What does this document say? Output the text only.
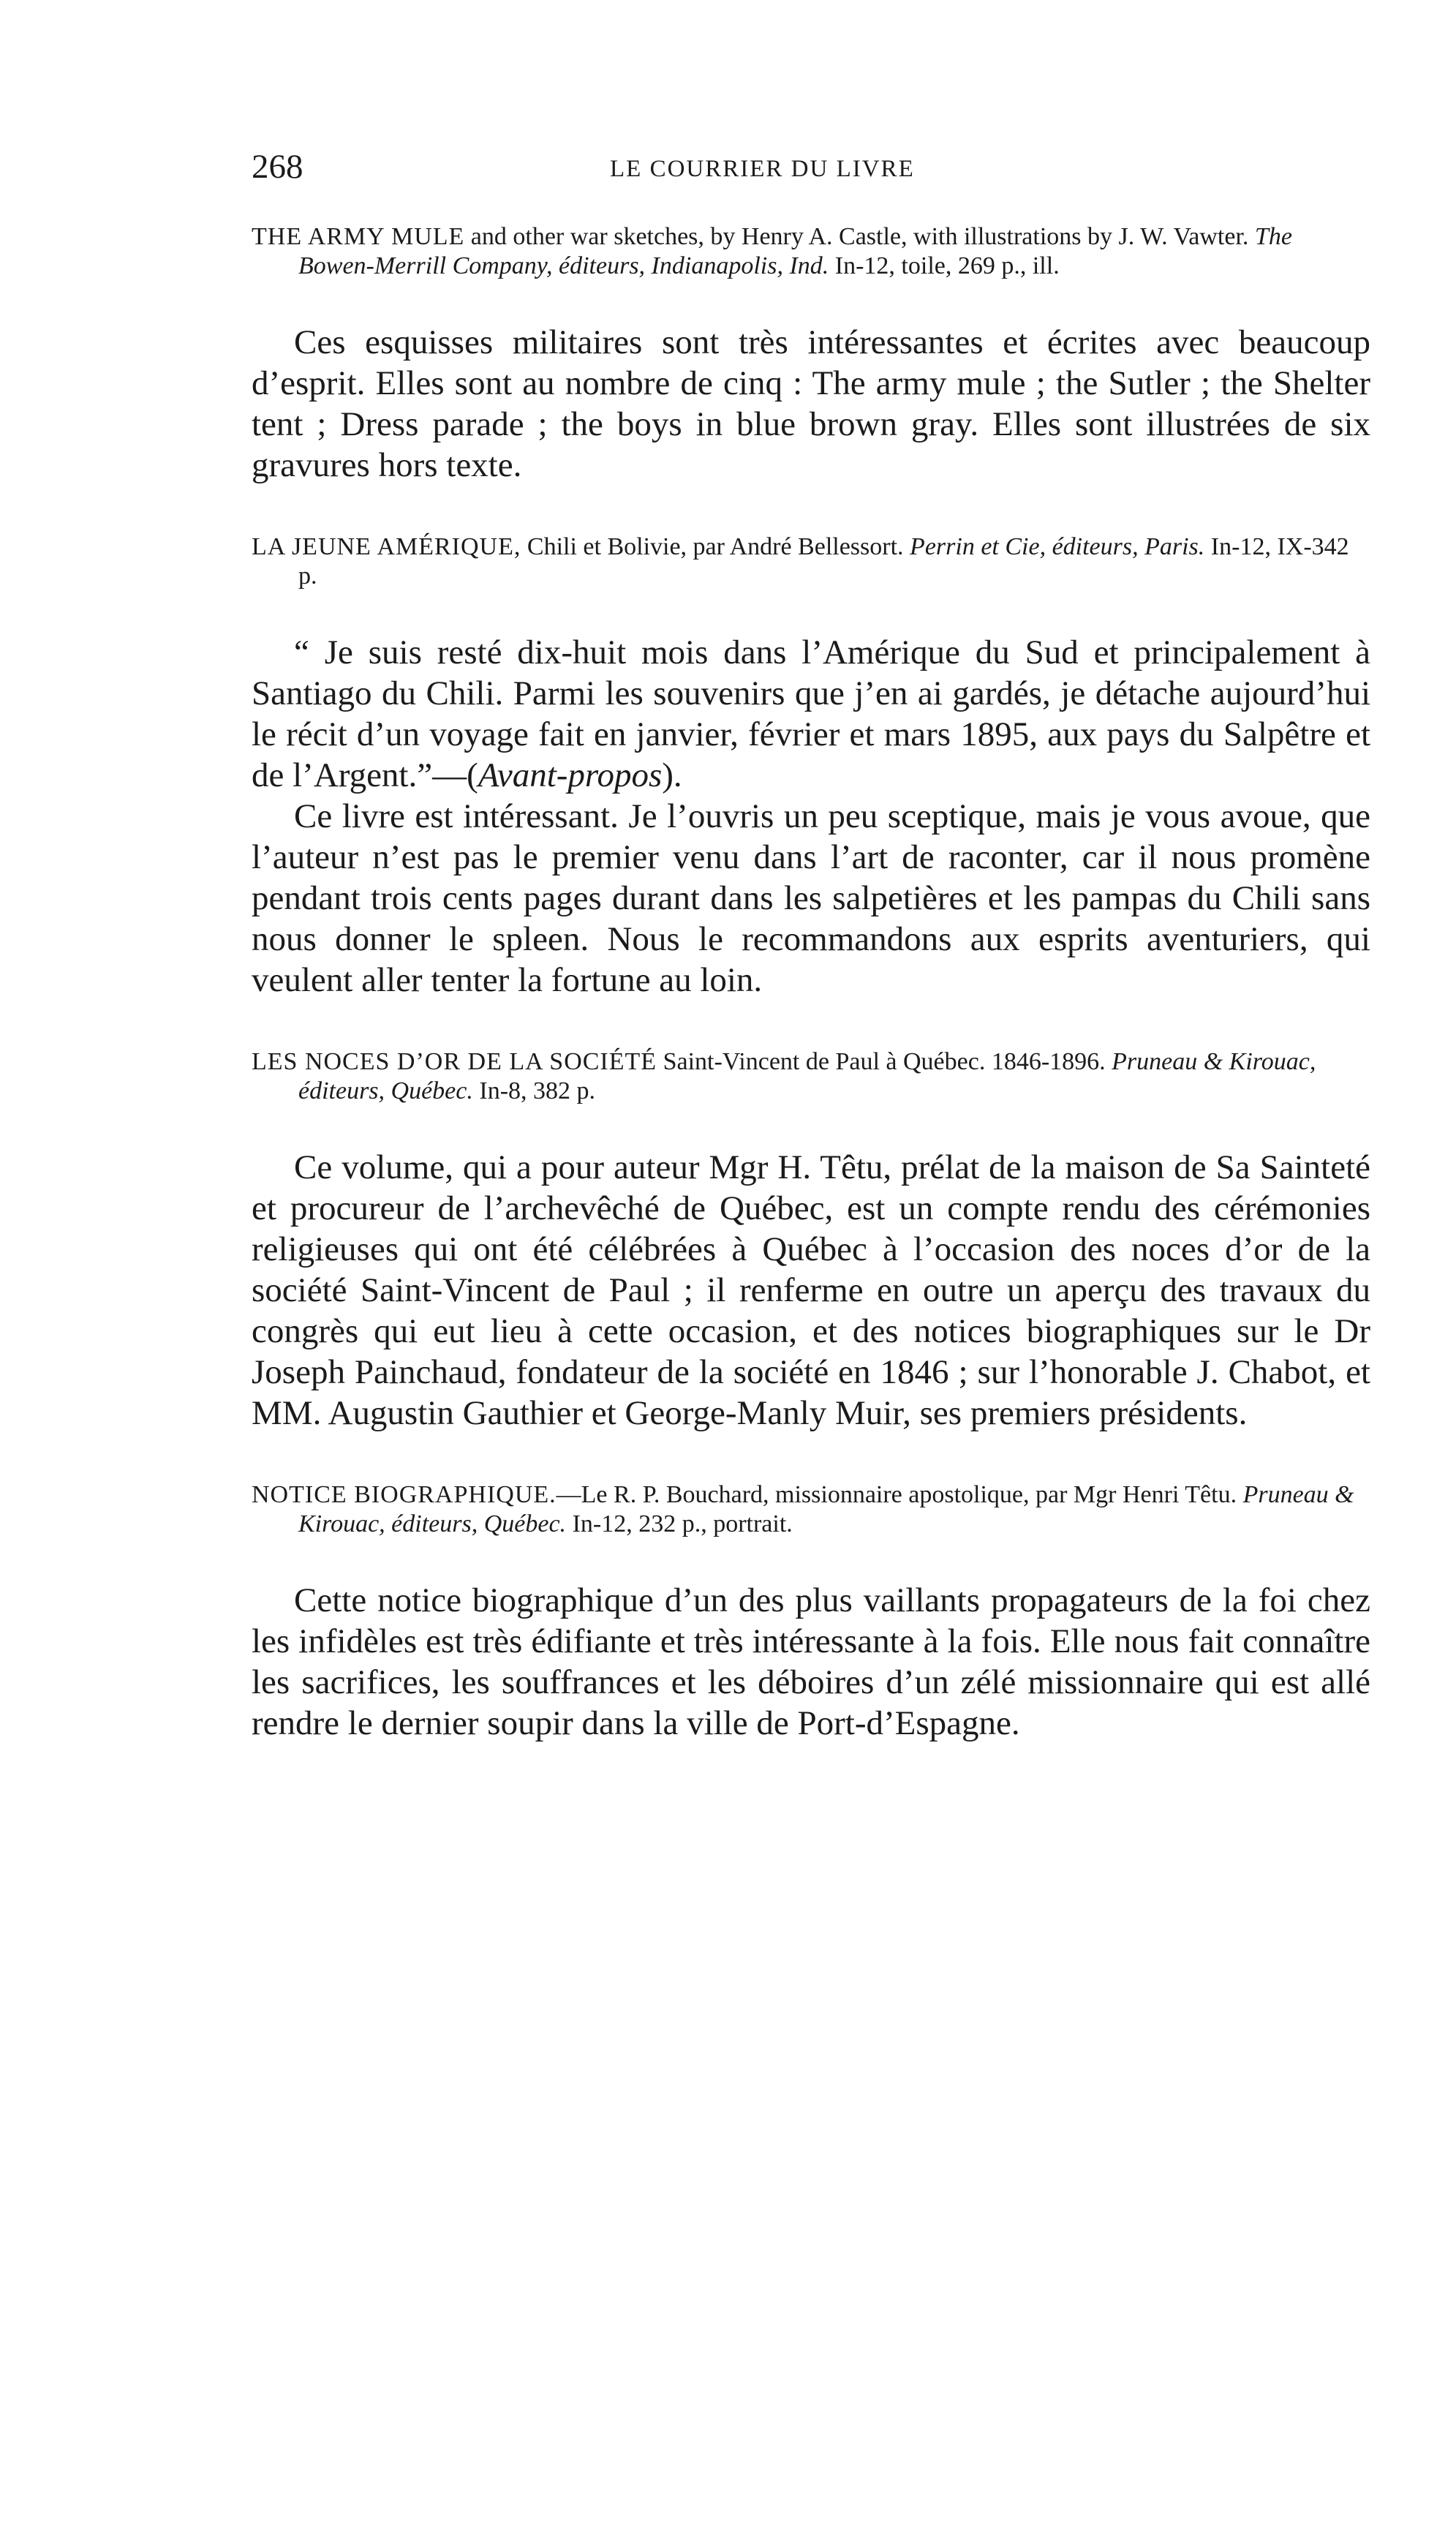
268	LE COURRIER DU LIVRE

THE ARMY MULE and other war sketches, by Henry A. Castle, with illustrations by J. W. Vawter. The Bowen-Merrill Company, éditeurs, Indianapolis, Ind. In-12, toile, 269 p., ill.

Ces esquisses militaires sont très intéressantes et écrites avec beaucoup d’esprit. Elles sont au nombre de cinq : The army mule ; the Sutler ; the Shelter tent ; Dress parade ; the boys in blue brown gray. Elles sont illustrées de six gravures hors texte.

LA JEUNE AMÉRIQUE, Chili et Bolivie, par André Bellessort. Perrin et Cie, éditeurs, Paris. In-12, IX-342 p.

“ Je suis resté dix-huit mois dans l’Amérique du Sud et principalement à Santiago du Chili. Parmi les souvenirs que j’en ai gardés, je détache aujourd’hui le récit d’un voyage fait en janvier, février et mars 1895, aux pays du Salpêtre et de l’Argent.”—(Avant-propos).

Ce livre est intéressant. Je l’ouvris un peu sceptique, mais je vous avoue, que l’auteur n’est pas le premier venu dans l’art de raconter, car il nous promène pendant trois cents pages durant dans les salpetières et les pampas du Chili sans nous donner le spleen. Nous le recommandons aux esprits aventuriers, qui veulent aller tenter la fortune au loin.

LES NOCES D’OR DE LA SOCIÉTÉ Saint-Vincent de Paul à Québec. 1846-1896. Pruneau & Kirouac, éditeurs, Québec. In-8, 382 p.

Ce volume, qui a pour auteur Mgr H. Têtu, prélat de la maison de Sa Sainteté et procureur de l’archevêché de Québec, est un compte rendu des cérémonies religieuses qui ont été célébrées à Québec à l’occasion des noces d’or de la société Saint-Vincent de Paul ; il renferme en outre un aperçu des travaux du congrès qui eut lieu à cette occasion, et des notices biographiques sur le Dr Joseph Painchaud, fondateur de la société en 1846 ; sur l’honorable J. Chabot, et MM. Augustin Gauthier et George-Manly Muir, ses premiers présidents.

NOTICE BIOGRAPHIQUE.—Le R. P. Bouchard, missionnaire apostolique, par Mgr Henri Têtu. Pruneau & Kirouac, éditeurs, Québec. In-12, 232 p., portrait.

Cette notice biographique d’un des plus vaillants propagateurs de la foi chez les infidèles est très édifiante et très intéressante à la fois. Elle nous fait connaître les sacrifices, les souffrances et les déboires d’un zélé missionnaire qui est allé rendre le dernier soupir dans la ville de Port-d’Espagne.
